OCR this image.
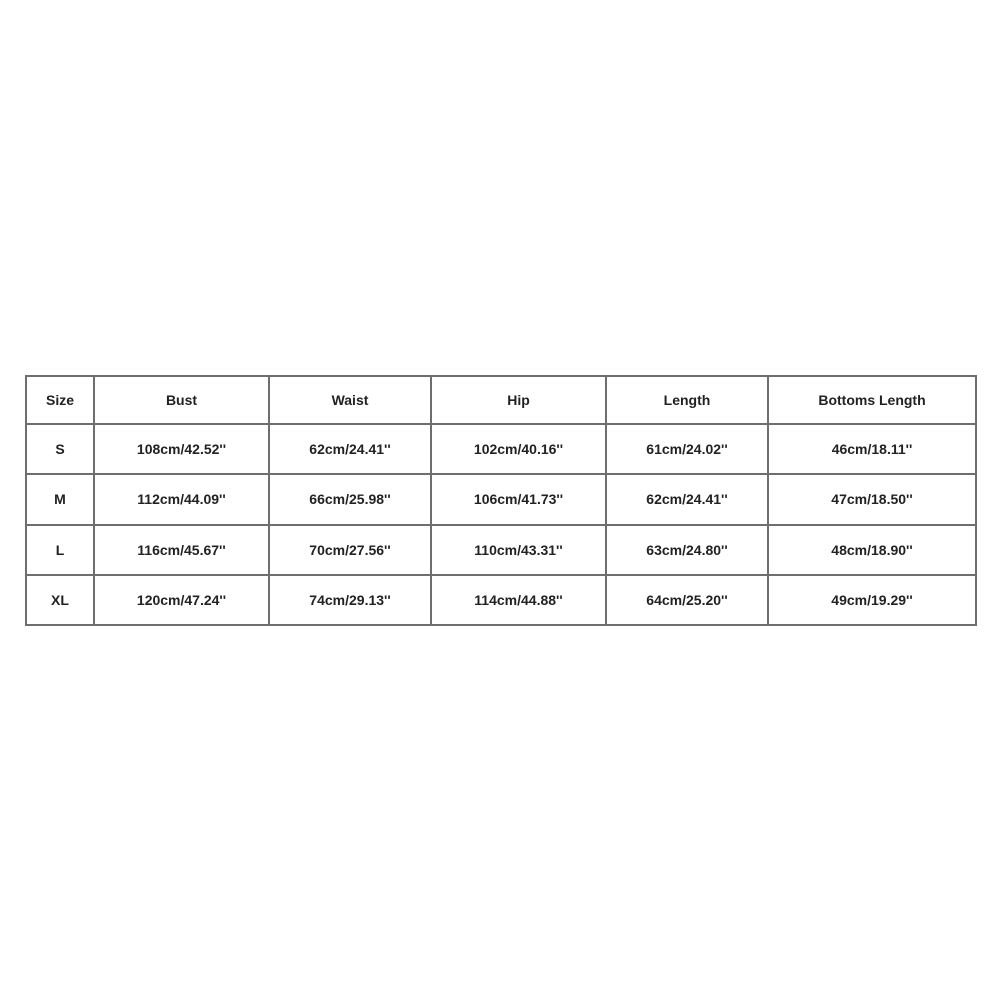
Size	Bust	Waist	Hip	Length	Bottoms Length
S	108cm/42.52''	62cm/24.41''	102cm/40.16''	61cm/24.02''	46cm/18.11''
M	112cm/44.09''	66cm/25.98''	106cm/41.73''	62cm/24.41''	47cm/18.50''
L	116cm/45.67''	70cm/27.56''	110cm/43.31''	63cm/24.80''	48cm/18.90''
XL	120cm/47.24''	74cm/29.13''	114cm/44.88''	64cm/25.20''	49cm/19.29''
